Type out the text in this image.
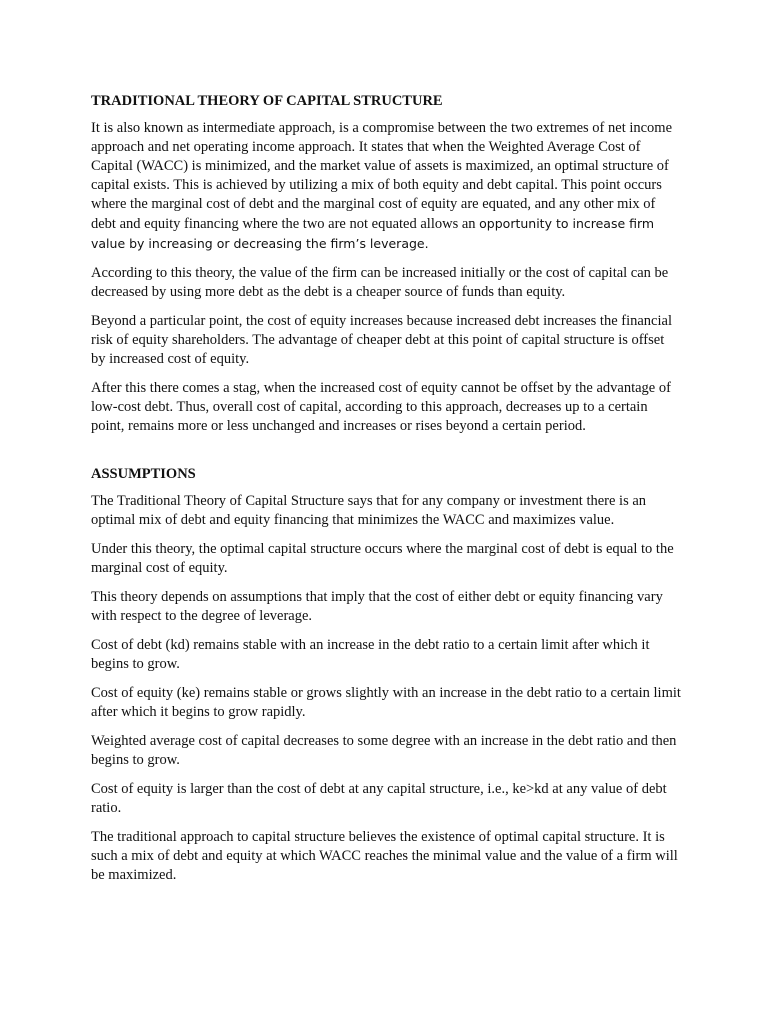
TRADITIONAL THEORY OF CAPITAL STRUCTURE

It is also known as intermediate approach, is a compromise between the two extremes of net income approach and net operating income approach. It states that when the Weighted Average Cost of Capital (WACC) is minimized, and the market value of assets is maximized, an optimal structure of capital exists. This is achieved by utilizing a mix of both equity and debt capital. This point occurs where the marginal cost of debt and the marginal cost of equity are equated, and any other mix of debt and equity financing where the two are not equated allows an opportunity to increase firm value by increasing or decreasing the firm’s leverage.

According to this theory, the value of the firm can be increased initially or the cost of capital can be decreased by using more debt as the debt is a cheaper source of funds than equity.

Beyond a particular point, the cost of equity increases because increased debt increases the financial risk of equity shareholders. The advantage of cheaper debt at this point of capital structure is offset by increased cost of equity.

After this there comes a stag, when the increased cost of equity cannot be offset by the advantage of low-cost debt. Thus, overall cost of capital, according to this approach, decreases up to a certain point, remains more or less unchanged and increases or rises beyond a certain period.

ASSUMPTIONS

The Traditional Theory of Capital Structure says that for any company or investment there is an optimal mix of debt and equity financing that minimizes the WACC and maximizes value.

Under this theory, the optimal capital structure occurs where the marginal cost of debt is equal to the marginal cost of equity.

This theory depends on assumptions that imply that the cost of either debt or equity financing vary with respect to the degree of leverage.

Cost of debt (kd) remains stable with an increase in the debt ratio to a certain limit after which it begins to grow.

Cost of equity (ke) remains stable or grows slightly with an increase in the debt ratio to a certain limit after which it begins to grow rapidly.

Weighted average cost of capital decreases to some degree with an increase in the debt ratio and then begins to grow.

Cost of equity is larger than the cost of debt at any capital structure, i.e., ke>kd at any value of debt ratio.

The traditional approach to capital structure believes the existence of optimal capital structure. It is such a mix of debt and equity at which WACC reaches the minimal value and the value of a firm will be maximized.
